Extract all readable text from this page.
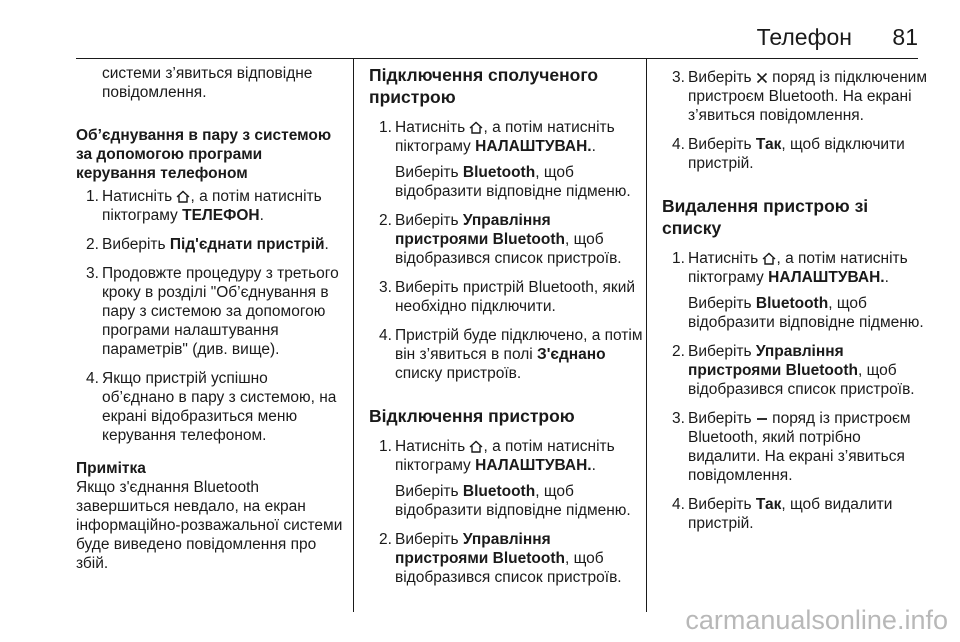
Телефон 81
системи з’явиться відповідне повідомлення.
Об’єднування в пару з системою за допомогою програми керування телефоном
1. Натисніть , а потім натисніть піктограму ТЕЛЕФОН.
2. Виберіть Під'єднати пристрій.
3. Продовжте процедуру з третього кроку в розділі "Об’єднування в пару з системою за допомогою програми налаштування параметрів" (див. вище).
4. Якщо пристрій успішно об’єднано в пару з системою, на екрані відобразиться меню керування телефоном.
Примітка
Якщо з'єднання Bluetooth завершиться невдало, на екран інформаційно-розважальної системи буде виведено повідомлення про збій.
Підключення сполученого пристрою
1. Натисніть , а потім натисніть піктограму НАЛАШТУВАН..
Виберіть Bluetooth, щоб відобразити відповідне підменю.
2. Виберіть Управління пристроями Bluetooth, щоб відобразився список пристроїв.
3. Виберіть пристрій Bluetooth, який необхідно підключити.
4. Пристрій буде підключено, а потім він з’явиться в полі З'єднано списку пристроїв.
Відключення пристрою
1. Натисніть , а потім натисніть піктограму НАЛАШТУВАН..
Виберіть Bluetooth, щоб відобразити відповідне підменю.
2. Виберіть Управління пристроями Bluetooth, щоб відобразився список пристроїв.
3. Виберіть  поряд із підключеним пристроєм Bluetooth. На екрані з’явиться повідомлення.
4. Виберіть Так, щоб відключити пристрій.
Видалення пристрою зі списку
1. Натисніть , а потім натисніть піктограму НАЛАШТУВАН..
Виберіть Bluetooth, щоб відобразити відповідне підменю.
2. Виберіть Управління пристроями Bluetooth, щоб відобразився список пристроїв.
3. Виберіть  поряд із пристроєм Bluetooth, який потрібно видалити. На екрані з’явиться повідомлення.
4. Виберіть Так, щоб видалити пристрій.
carmanualsonline.info
